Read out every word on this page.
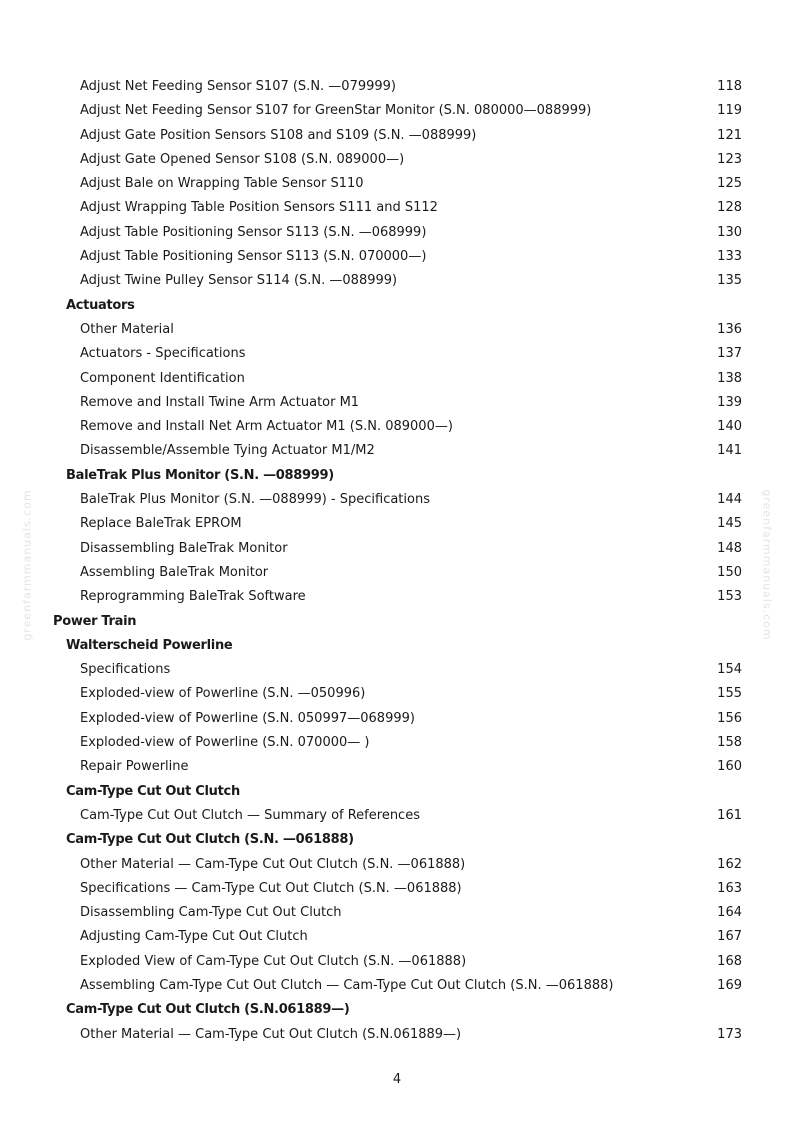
Adjust Net Feeding Sensor S107 (S.N. —079999)	118
Adjust Net Feeding Sensor S107 for GreenStar Monitor (S.N. 080000—088999)	119
Adjust Gate Position Sensors S108 and S109 (S.N. —088999)	121
Adjust Gate Opened Sensor S108 (S.N. 089000—)	123
Adjust Bale on Wrapping Table Sensor S110	125
Adjust Wrapping Table Position Sensors S111 and S112	128
Adjust Table Positioning Sensor S113 (S.N. —068999)	130
Adjust Table Positioning Sensor S113 (S.N. 070000—)	133
Adjust Twine Pulley Sensor S114 (S.N. —088999)	135
Actuators
Other Material	136
Actuators - Specifications	137
Component Identification	138
Remove and Install Twine Arm Actuator M1	139
Remove and Install Net Arm Actuator M1 (S.N. 089000—)	140
Disassemble/Assemble Tying Actuator M1/M2	141
BaleTrak Plus Monitor (S.N. —088999)
BaleTrak Plus Monitor (S.N. —088999) - Specifications	144
Replace BaleTrak EPROM	145
Disassembling BaleTrak Monitor	148
Assembling BaleTrak Monitor	150
Reprogramming BaleTrak Software	153
Power Train
Walterscheid Powerline
Specifications	154
Exploded-view of Powerline (S.N. —050996)	155
Exploded-view of Powerline (S.N. 050997—068999)	156
Exploded-view of Powerline (S.N. 070000— )	158
Repair Powerline	160
Cam-Type Cut Out Clutch
Cam-Type Cut Out Clutch — Summary of References	161
Cam-Type Cut Out Clutch (S.N. —061888)
Other Material — Cam-Type Cut Out Clutch (S.N. —061888)	162
Specifications — Cam-Type Cut Out Clutch (S.N. —061888)	163
Disassembling Cam-Type Cut Out Clutch	164
Adjusting Cam-Type Cut Out Clutch	167
Exploded View of Cam-Type Cut Out Clutch (S.N. —061888)	168
Assembling Cam-Type Cut Out Clutch — Cam-Type Cut Out Clutch (S.N. —061888)	169
Cam-Type Cut Out Clutch (S.N.061889—)
Other Material — Cam-Type Cut Out Clutch (S.N.061889—)	173
greenfarmmanuals.com	greenfarmmanuals.com
4
